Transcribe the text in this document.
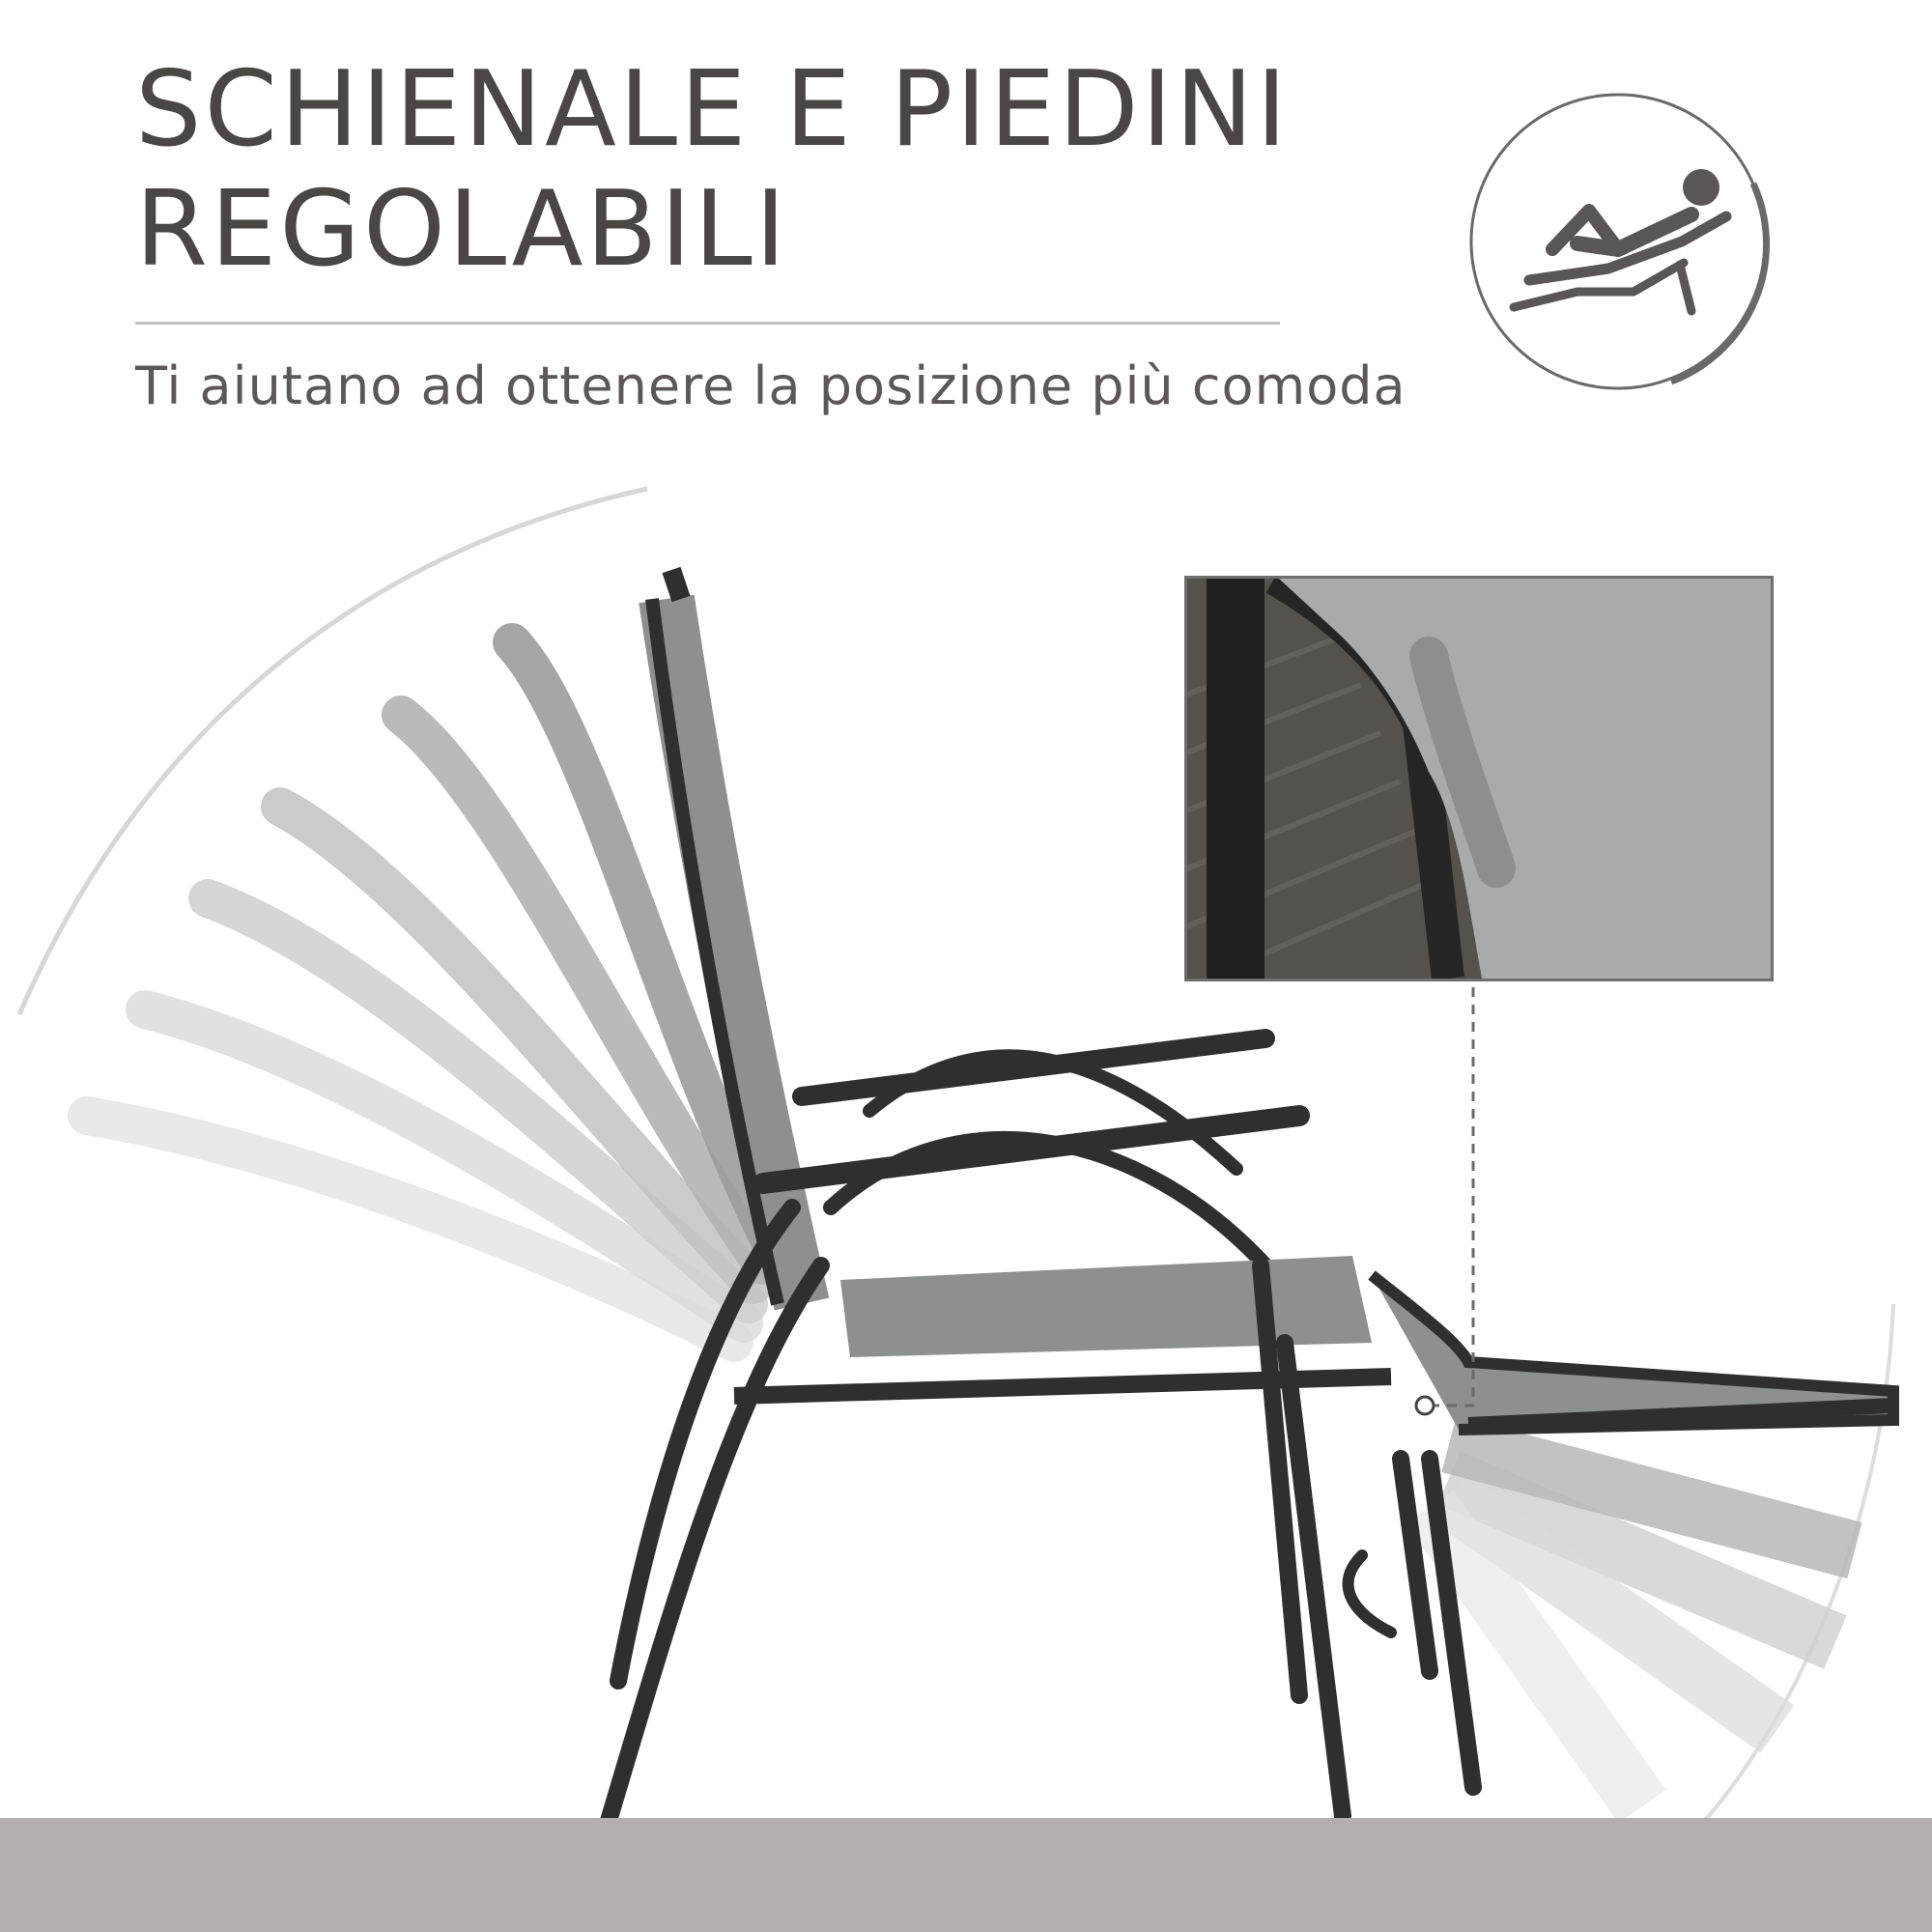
SCHIENALE E PIEDINI
REGOLABILI
Ti aiutano ad ottenere la posizione più comoda
